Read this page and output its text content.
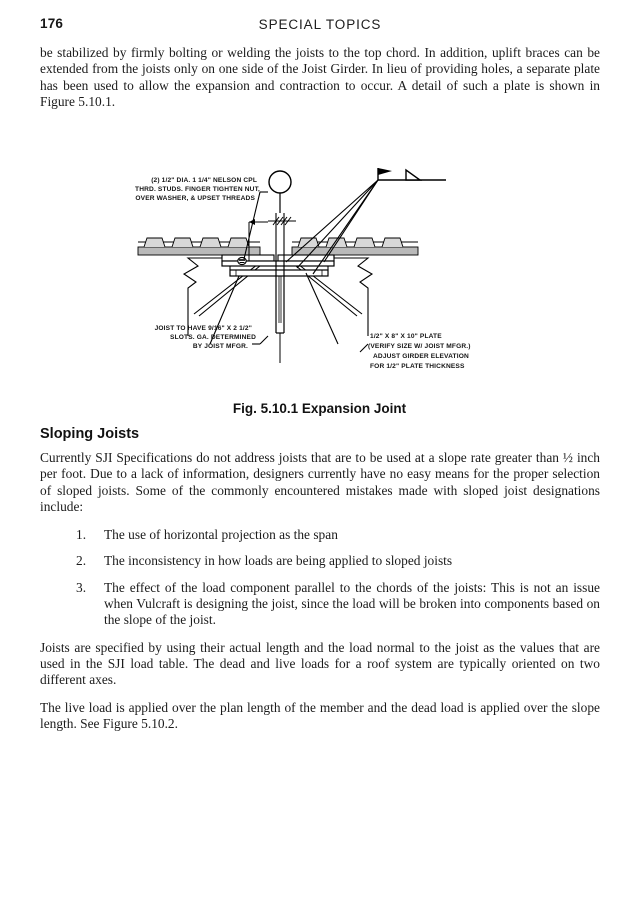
176	SPECIAL TOPICS

be stabilized by firmly bolting or welding the joists to the top chord. In addition, uplift braces can be extended from the joists only on one side of the Joist Girder. In lieu of providing holes, a separate plate has been used to allow the expansion and contraction to occur. A detail of such a plate is shown in Figure 5.10.1.

(2) 1/2" DIA. 1 1/4" NELSON CPL
THRD. STUDS. FINGER TIGHTEN NUT,
OVER WASHER, & UPSET THREADS
JOIST TO HAVE 9/16" X 2 1/2"
SLOTS. GA. DETERMINED
BY JOIST MFGR.
1/2" X 8" X 10" PLATE
(VERIFY SIZE W/ JOIST MFGR.)
ADJUST GIRDER ELEVATION
FOR 1/2" PLATE THICKNESS
Fig. 5.10.1 Expansion Joint
Sloping Joists

Currently SJI Specifications do not address joists that are to be used at a slope rate greater than ½ inch per foot. Due to a lack of information, designers currently have no easy means for the proper selection of sloped joists. Some of the commonly encountered mistakes made with sloped joist designations include:

1.	The use of horizontal projection as the span
2.	The inconsistency in how loads are being applied to sloped joists
3.	The effect of the load component parallel to the chords of the joists: This is not an issue when Vulcraft is designing the joist, since the load will be broken into components based on the slope of the joist.

Joists are specified by using their actual length and the load normal to the joist as the values that are used in the SJI load table. The dead and live loads for a roof system are typically oriented on two different axes.

The live load is applied over the plan length of the member and the dead load is applied over the slope length. See Figure 5.10.2.
